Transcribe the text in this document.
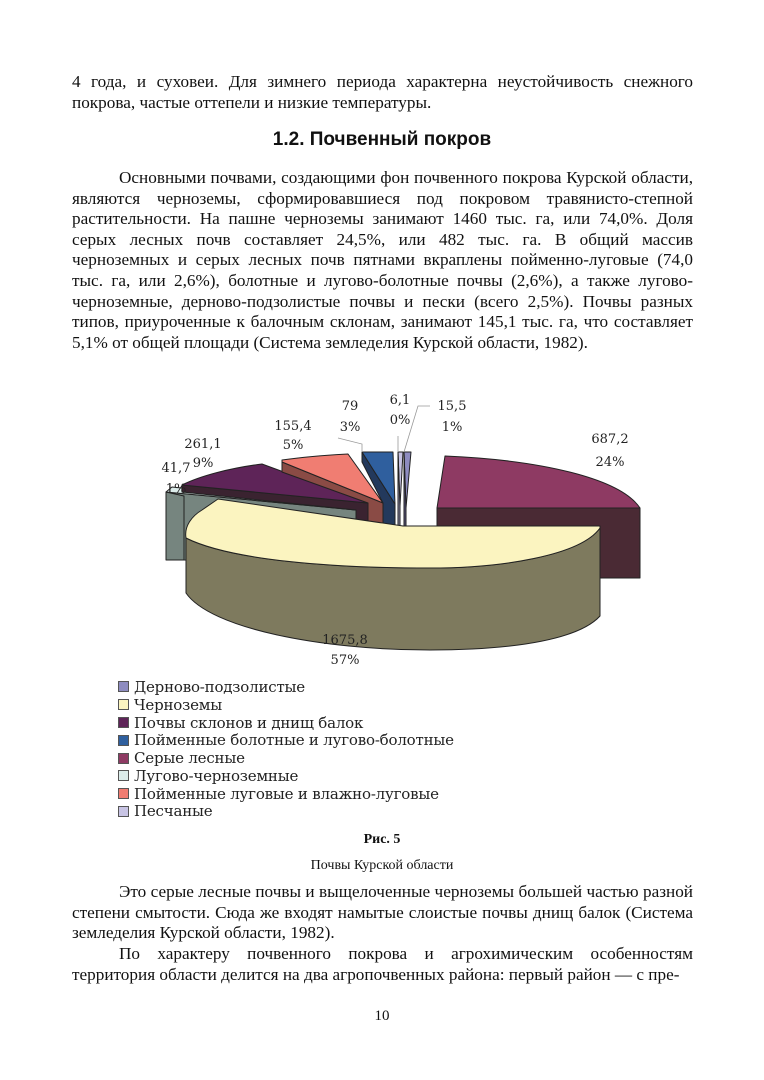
4 года, и суховеи. Для зимнего периода характерна неустойчивость снежного покрова, частые оттепели и низкие температуры.

1.2. Почвенный покров

Основными почвами, создающими фон почвенного покрова Курской области, являются черноземы, сформировавшиеся под покровом травянисто-степной растительности. На пашне черноземы занимают 1460 тыс. га, или 74,0%. Доля серых лесных почв составляет 24,5%, или 482 тыс. га. В общий массив черноземных и серых лесных почв пятнами вкраплены пойменно-луговые (74,0 тыс. га, или 2,6%), болотные и лугово-болотные почвы (2,6%), а также лугово-черноземные, дерново-подзолистые почвы и пески (всего 2,5%). Почвы разных типов, приуроченные к балочным склонам, занимают 145,1 тыс. га, что составляет 5,1% от общей площади (Система земледелия Курской области, 1982).

41,7
1%
261,1
9%
155,4
5%
79
3%
6,1
0%
15,5
1%
687,2
24%
1675,8
57%
Дерново-подзолистые
Черноземы
Почвы склонов и днищ балок
Пойменные болотные и лугово-болотные
Серые лесные
Лугово-черноземные
Пойменные луговые и влажно-луговые
Песчаные

Рис. 5

Почвы Курской области

Это серые лесные почвы и выщелоченные черноземы большей частью разной степени смытости. Сюда же входят намытые слоистые почвы днищ балок (Система земледелия Курской области, 1982).

По характеру почвенного покрова и агрохимическим особенностям территория области делится на два агропочвенных района: первый район — с пре-

10
